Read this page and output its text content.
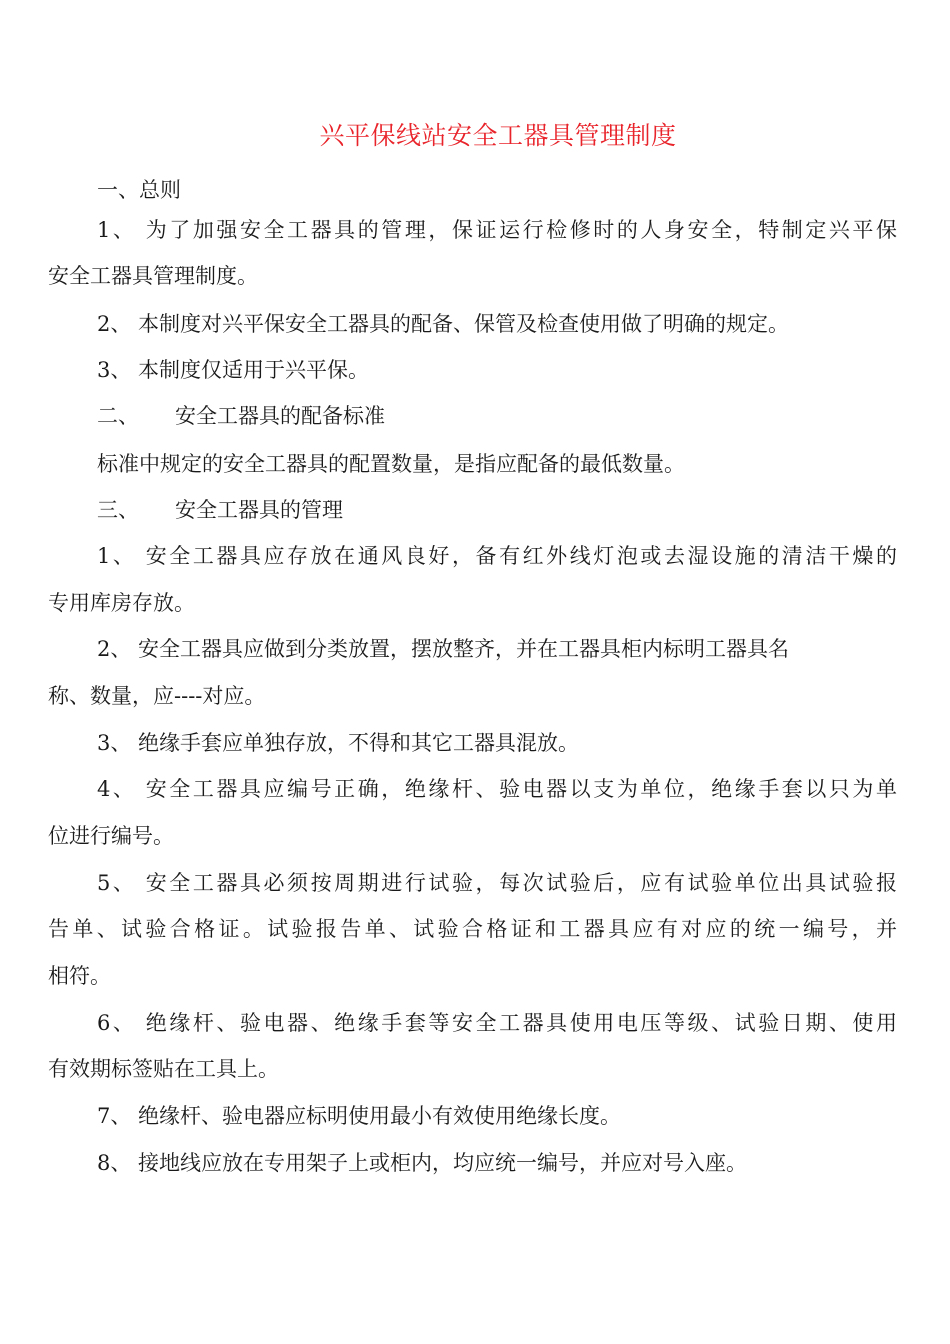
兴平保线站安全工器具管理制度
一、总则
1、 为了加强安全工器具的管理，保证运行检修时的人身安全，特制定兴平保
安全工器具管理制度。
2、 本制度对兴平保安全工器具的配备、保管及检查使用做了明确的规定。
3、 本制度仅适用于兴平保。
二、 安全工器具的配备标准
标准中规定的安全工器具的配置数量，是指应配备的最低数量。
三、 安全工器具的管理
1、 安全工器具应存放在通风良好，备有红外线灯泡或去湿设施的清洁干燥的
专用库房存放。
2、 安全工器具应做到分类放置，摆放整齐，并在工器具柜内标明工器具名
称、数量，应----对应。
3、 绝缘手套应单独存放，不得和其它工器具混放。
4、 安全工器具应编号正确，绝缘杆、验电器以支为单位，绝缘手套以只为单
位进行编号。
5、 安全工器具必须按周期进行试验，每次试验后，应有试验单位出具试验报
告单、试验合格证。试验报告单、试验合格证和工器具应有对应的统一编号，并
相符。
6、 绝缘杆、验电器、绝缘手套等安全工器具使用电压等级、试验日期、使用
有效期标签贴在工具上。
7、 绝缘杆、验电器应标明使用最小有效使用绝缘长度。
8、 接地线应放在专用架子上或柜内，均应统一编号，并应对号入座。
